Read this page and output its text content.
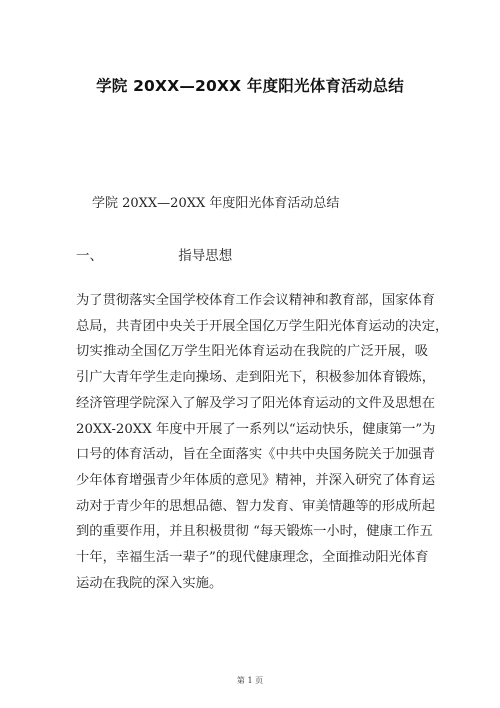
学院 20XX—20XX 年度阳光体育活动总结
学院 20XX—20XX 年度阳光体育活动总结
一、	指导思想
为了贯彻落实全国学校体育工作会议精神和教育部，国家体育
总局，共青团中央关于开展全国亿万学生阳光体育运动的决定，
切实推动全国亿万学生阳光体育运动在我院的广泛开展，吸
引广大青年学生走向操场、走到阳光下，积极参加体育锻炼，
经济管理学院深入了解及学习了阳光体育运动的文件及思想在
20XX-20XX 年度中开展了一系列以“运动快乐，健康第一”为
口号的体育活动，旨在全面落实《中共中央国务院关于加强青
少年体育增强青少年体质的意见》精神，并深入研究了体育运
动对于青少年的思想品德、智力发育、审美情趣等的形成所起
到的重要作用，并且积极贯彻 “每天锻炼一小时，健康工作五
十年，幸福生活一辈子”的现代健康理念，全面推动阳光体育
运动在我院的深入实施。
第 1 页
